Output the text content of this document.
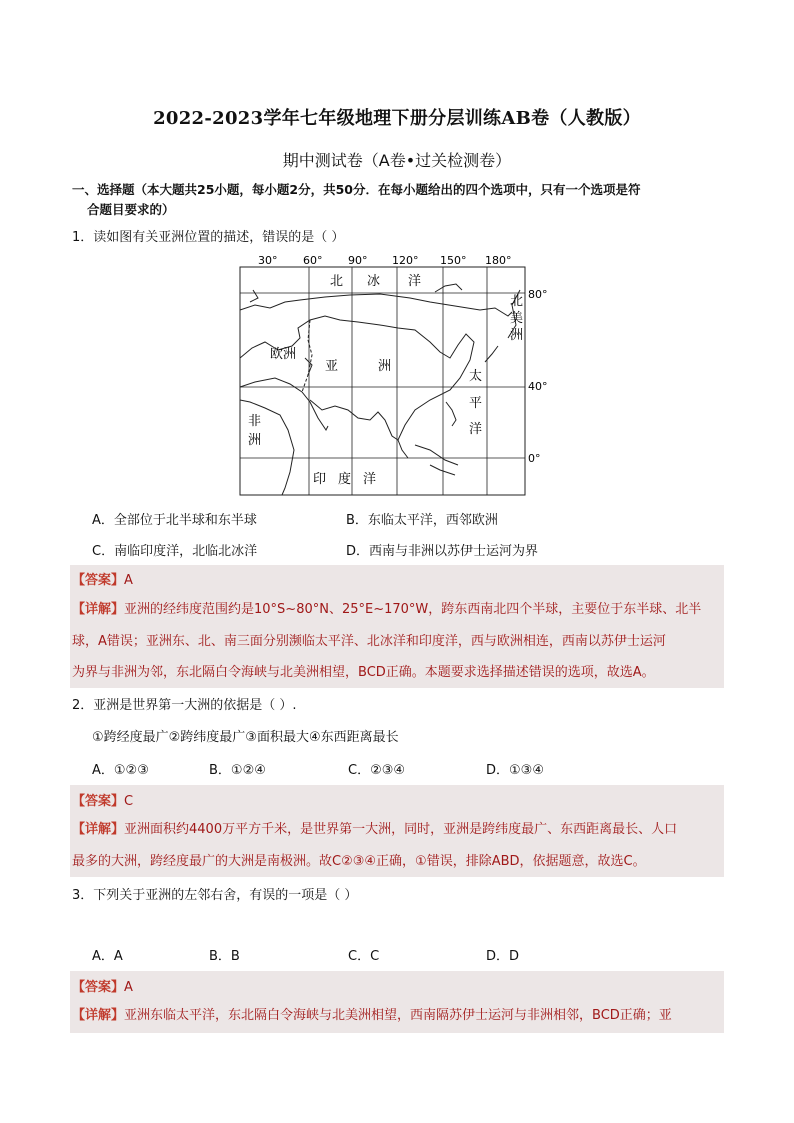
2022-2023学年七年级地理下册分层训练AB卷（人教版）
期中测试卷（A卷•过关检测卷）
一、选择题（本大题共25小题，每小题2分，共50分．在每小题给出的四个选项中，只有一个选项是符
合题目要求的）
1．读如图有关亚洲位置的描述，错误的是（ ）
30° 60° 90° 120° 150° 180°
80°
40°
0°
北 冰 洋
北
美
洲
欧洲
亚	洲
太
平
洋
非
洲
印 度 洋
A．全部位于北半球和东半球	B．东临太平洋，西邻欧洲
C．南临印度洋，北临北冰洋	D．西南与非洲以苏伊士运河为界
【答案】A
【详解】亚洲的经纬度范围约是10°S~80°N、25°E~170°W，跨东西南北四个半球，主要位于东半球、北半
球，A错误；亚洲东、北、南三面分别濒临太平洋、北冰洋和印度洋，西与欧洲相连，西南以苏伊士运河
为界与非洲为邻，东北隔白令海峡与北美洲相望，BCD正确。本题要求选择描述错误的选项，故选A。
2．亚洲是世界第一大洲的依据是（ ）.
①跨经度最广②跨纬度最广③面积最大④东西距离最长
A．①②③	B．①②④	C．②③④	D．①③④
【答案】C
【详解】亚洲面积约4400万平方千米，是世界第一大洲，同时，亚洲是跨纬度最广、东西距离最长、人口
最多的大洲，跨经度最广的大洲是南极洲。故C②③④正确，①错误，排除ABD，依据题意，故选C。
3．下列关于亚洲的左邻右舍，有误的一项是（ ）
A．A	B．B	C．C	D．D
【答案】A
【详解】亚洲东临太平洋，东北隔白令海峡与北美洲相望，西南隔苏伊士运河与非洲相邻，BCD正确；亚
